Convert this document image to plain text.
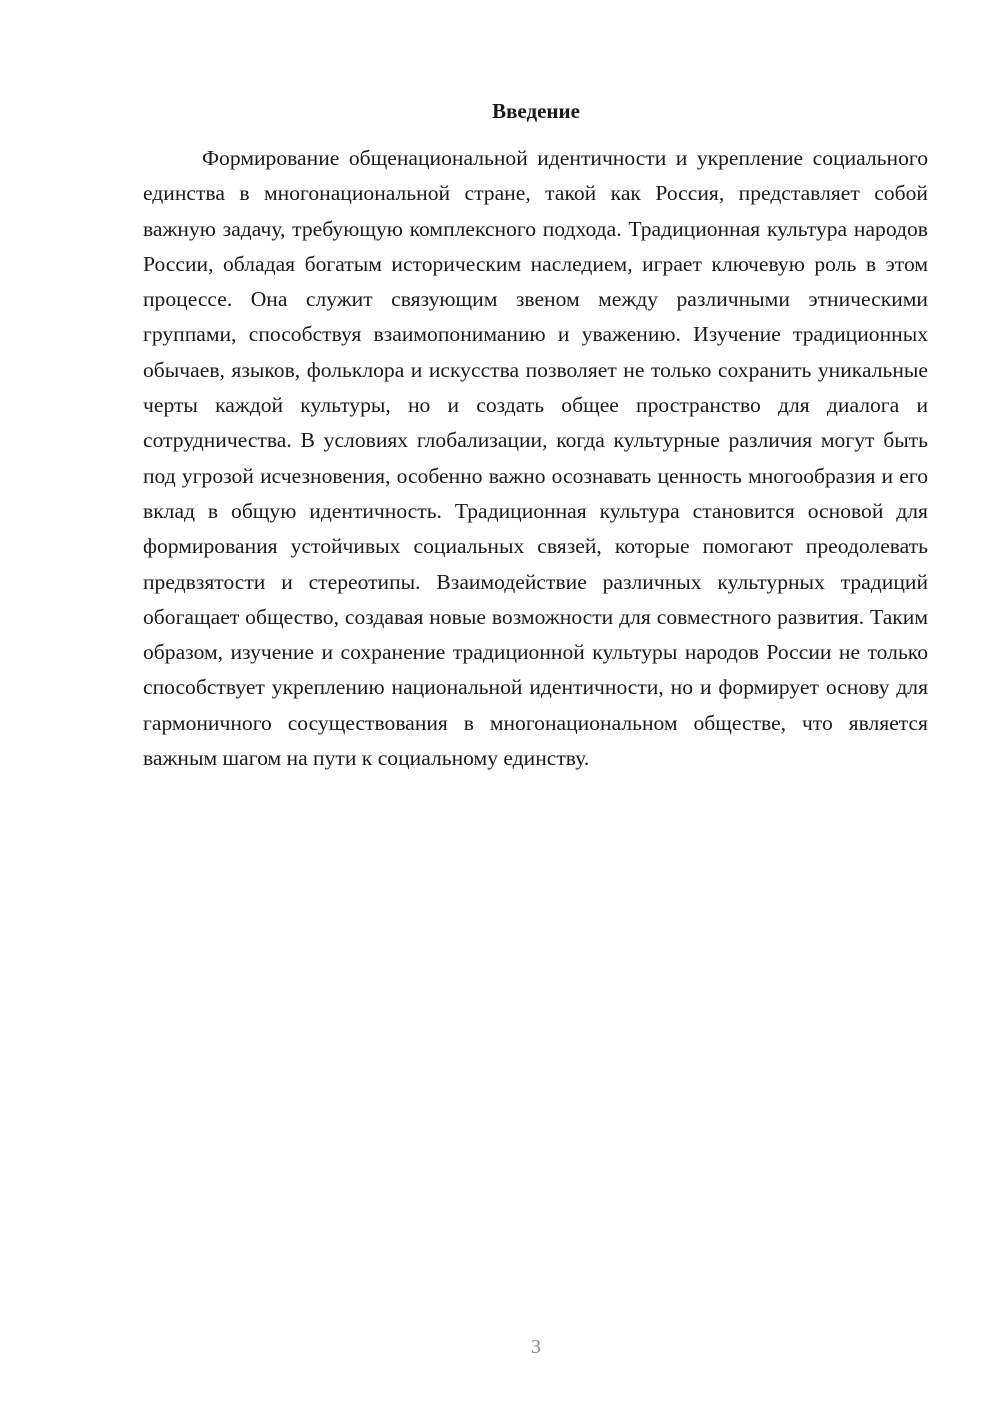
Введение

Формирование общенациональной идентичности и укрепление социального единства в многонациональной стране, такой как Россия, представляет собой важную задачу, требующую комплексного подхода. Традиционная культура народов России, обладая богатым историческим наследием, играет ключевую роль в этом процессе. Она служит связующим звеном между различными этническими группами, способствуя взаимопониманию и уважению. Изучение традиционных обычаев, языков, фольклора и искусства позволяет не только сохранить уникальные черты каждой культуры, но и создать общее пространство для диалога и сотрудничества. В условиях глобализации, когда культурные различия могут быть под угрозой исчезновения, особенно важно осознавать ценность многообразия и его вклад в общую идентичность. Традиционная культура становится основой для формирования устойчивых социальных связей, которые помогают преодолевать предвзятости и стереотипы. Взаимодействие различных культурных традиций обогащает общество, создавая новые возможности для совместного развития. Таким образом, изучение и сохранение традиционной культуры народов России не только способствует укреплению национальной идентичности, но и формирует основу для гармоничного сосуществования в многонациональном обществе, что является важным шагом на пути к социальному единству.

3
